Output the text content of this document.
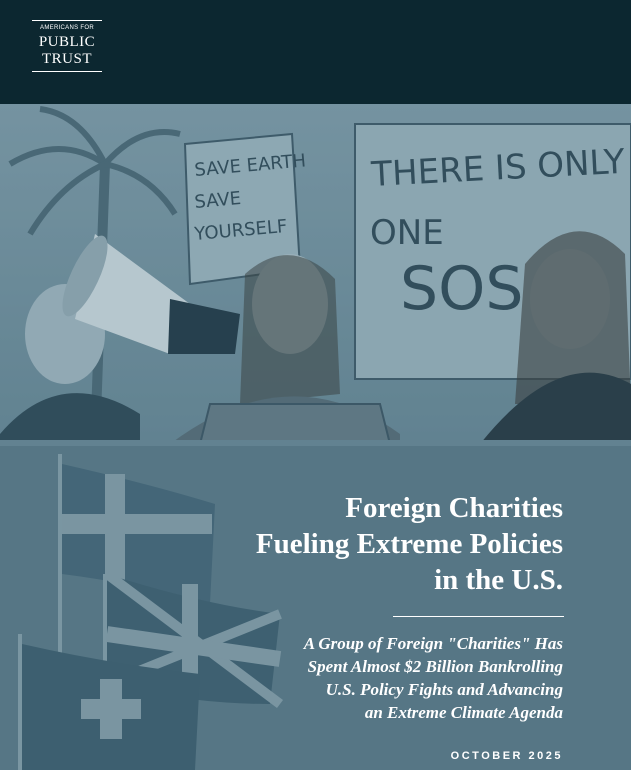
AMERICANS FOR
PUBLIC
TRUST
SAVE EARTH
SAVE
YOURSELF
THERE IS ONLY
ONE
SOS
Foreign Charities
Fueling Extreme Policies
in the U.S.
A Group of Foreign "Charities" Has
Spent Almost $2 Billion Bankrolling
U.S. Policy Fights and Advancing
an Extreme Climate Agenda
OCTOBER 2025
